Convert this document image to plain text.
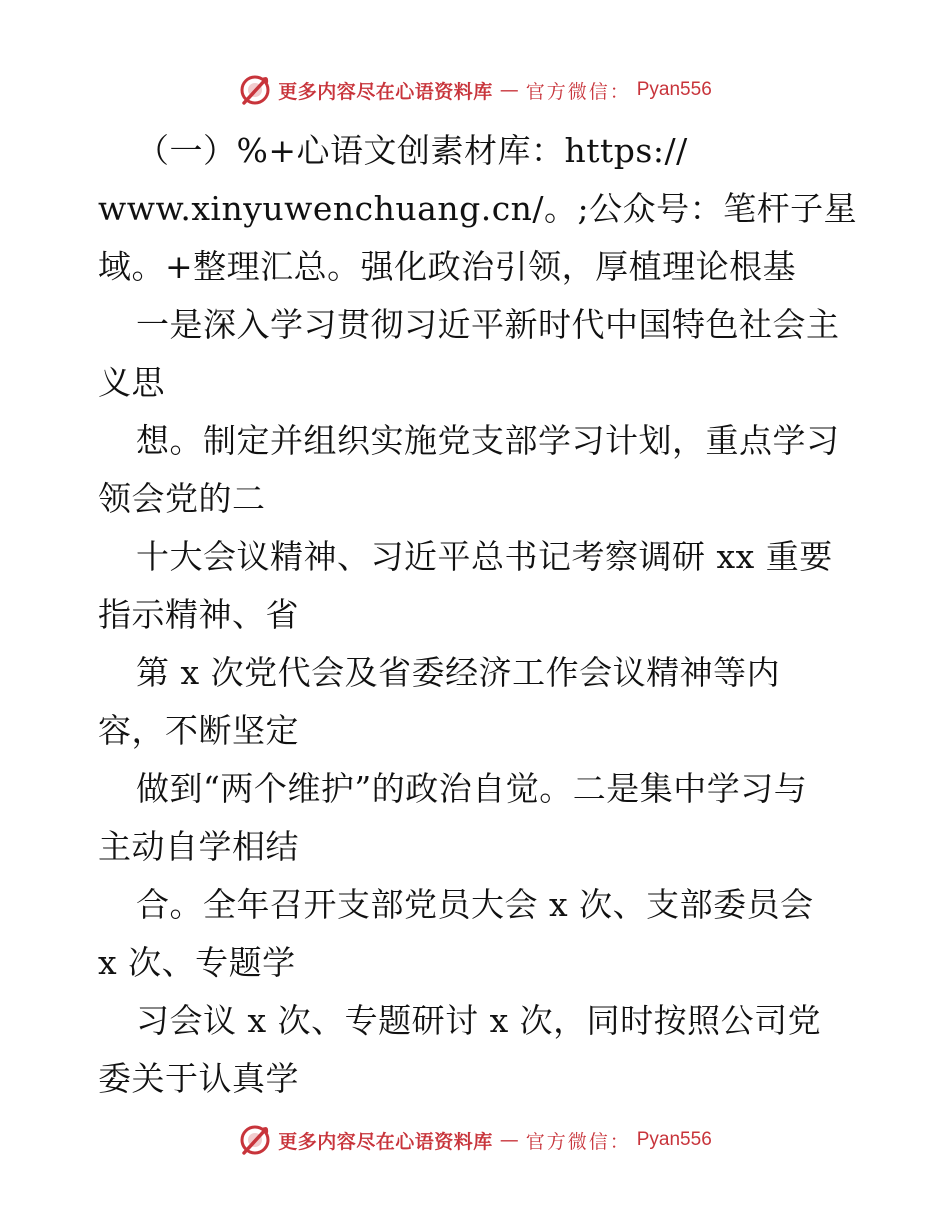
更多内容尽在心语资料库 — 官方微信： Pyan556
（一）%+心语文创素材库：https://
www.xinyuwenchuang.cn/。;公众号：笔杆子星
域。+整理汇总。强化政治引领，厚植理论根基
一是深入学习贯彻习近平新时代中国特色社会主
义思
想。制定并组织实施党支部学习计划，重点学习
领会党的二
十大会议精神、习近平总书记考察调研 xx 重要
指示精神、省
第 x 次党代会及省委经济工作会议精神等内
容，不断坚定
做到“两个维护”的政治自觉。二是集中学习与
主动自学相结
合。全年召开支部党员大会 x 次、支部委员会
x 次、专题学
习会议 x 次、专题研讨 x 次，同时按照公司党
委关于认真学
更多内容尽在心语资料库 — 官方微信： Pyan556
